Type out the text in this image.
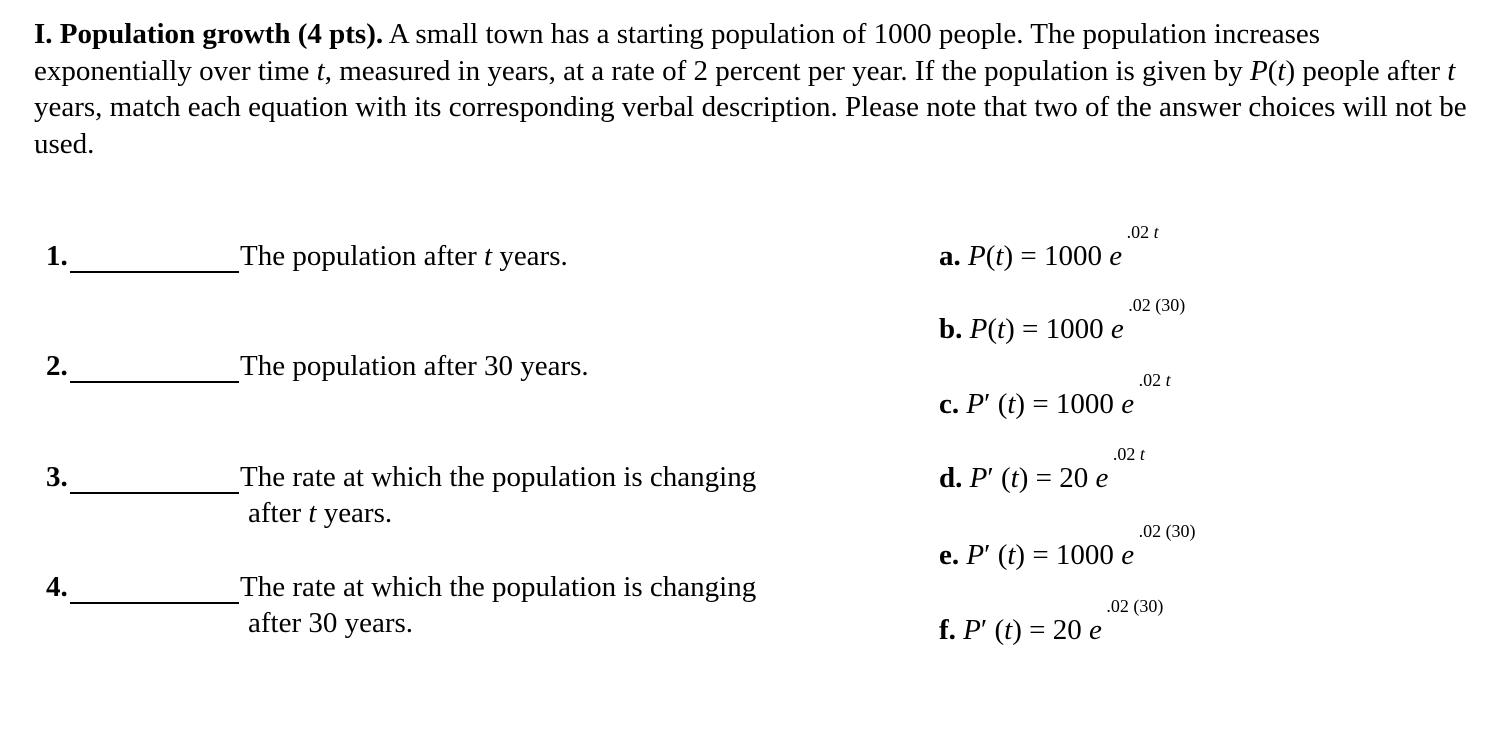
I. Population growth (4 pts). A small town has a starting population of 1000 people. The population increases exponentially over time t, measured in years, at a rate of 2 percent per year. If the population is given by P(t) people after t years, match each equation with its corresponding verbal description. Please note that two of the answer choices will not be used.

1.	The population after t years.
2.	The population after 30 years.
3.	The rate at which the population is changing
after t years.
4.	The rate at which the population is changing
after 30 years.
a. P(t) = 1000 e $^{.02 t}$
b. P(t) = 1000 e $^{.02 (30)}$
c. P′ (t) = 1000 e $^{.02 t}$
d. P′ (t) = 20 e $^{.02 t}$
e. P′ (t) = 1000 e $^{.02 (30)}$
f. P′ (t) = 20 e $^{.02 (30)}$
